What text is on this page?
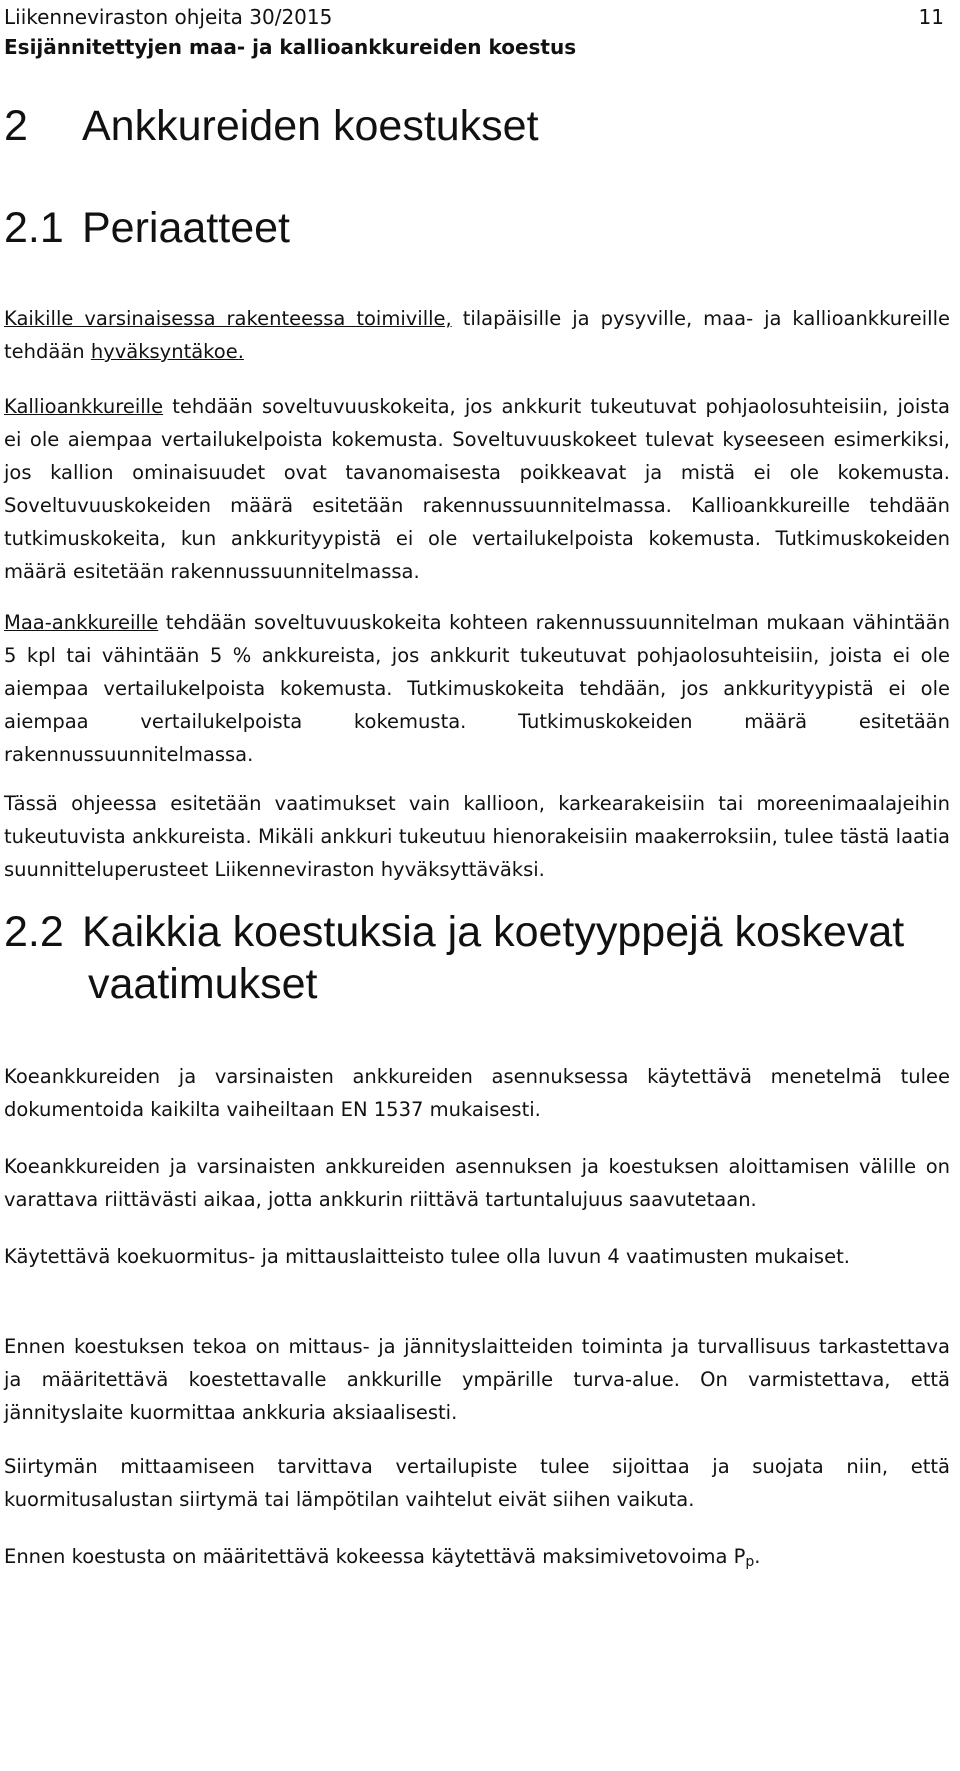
Liikenneviraston ohjeita 30/2015
Esijännitettyjen maa- ja kallioankkureiden koestus
11
2 Ankkureiden koestukset
2.1 Periaatteet

Kaikille varsinaisessa rakenteessa toimiville, tilapäisille ja pysyville, maa- ja kallioankkureille tehdään hyväksyntäkoe.

Kallioankkureille tehdään soveltuvuuskokeita, jos ankkurit tukeutuvat pohjaolosuhteisiin, joista ei ole aiempaa vertailukelpoista kokemusta. Soveltuvuuskokeet tulevat kyseeseen esimerkiksi, jos kallion ominaisuudet ovat tavanomaisesta poikkeavat ja mistä ei ole kokemusta. Soveltuvuuskokeiden määrä esitetään rakennussuunnitelmassa. Kallioankkureille tehdään tutkimuskokeita, kun ankkurityypistä ei ole vertailukelpoista kokemusta. Tutkimuskokeiden määrä esitetään rakennussuunnitelmassa.

Maa-ankkureille tehdään soveltuvuuskokeita kohteen rakennussuunnitelman mukaan vähintään 5 kpl tai vähintään 5 % ankkureista, jos ankkurit tukeutuvat pohjaolosuhteisiin, joista ei ole aiempaa vertailukelpoista kokemusta. Tutkimuskokeita tehdään, jos ankkurityypistä ei ole aiempaa vertailukelpoista kokemusta. Tutkimuskokeiden määrä esitetään rakennussuunnitelmassa.

Tässä ohjeessa esitetään vaatimukset vain kallioon, karkearakeisiin tai moreenimaalajeihin tukeutuvista ankkureista. Mikäli ankkuri tukeutuu hienorakeisiin maakerroksiin, tulee tästä laatia suunnitteluperusteet Liikenneviraston hyväksyttäväksi.

2.2 Kaikkia koestuksia ja koetyyppejä koskevat
vaatimukset

Koeankkureiden ja varsinaisten ankkureiden asennuksessa käytettävä menetelmä tulee dokumentoida kaikilta vaiheiltaan EN 1537 mukaisesti.

Koeankkureiden ja varsinaisten ankkureiden asennuksen ja koestuksen aloittamisen välille on varattava riittävästi aikaa, jotta ankkurin riittävä tartuntalujuus saavutetaan.

Käytettävä koekuormitus- ja mittauslaitteisto tulee olla luvun 4 vaatimusten mukaiset.

Ennen koestuksen tekoa on mittaus- ja jännityslaitteiden toiminta ja turvallisuus tarkastettava ja määritettävä koestettavalle ankkurille ympärille turva-alue. On varmistettava, että jännityslaite kuormittaa ankkuria aksiaalisesti.

Siirtymän mittaamiseen tarvittava vertailupiste tulee sijoittaa ja suojata niin, että kuormitusalustan siirtymä tai lämpötilan vaihtelut eivät siihen vaikuta.

Ennen koestusta on määritettävä kokeessa käytettävä maksimivetovoima $P_p$.
